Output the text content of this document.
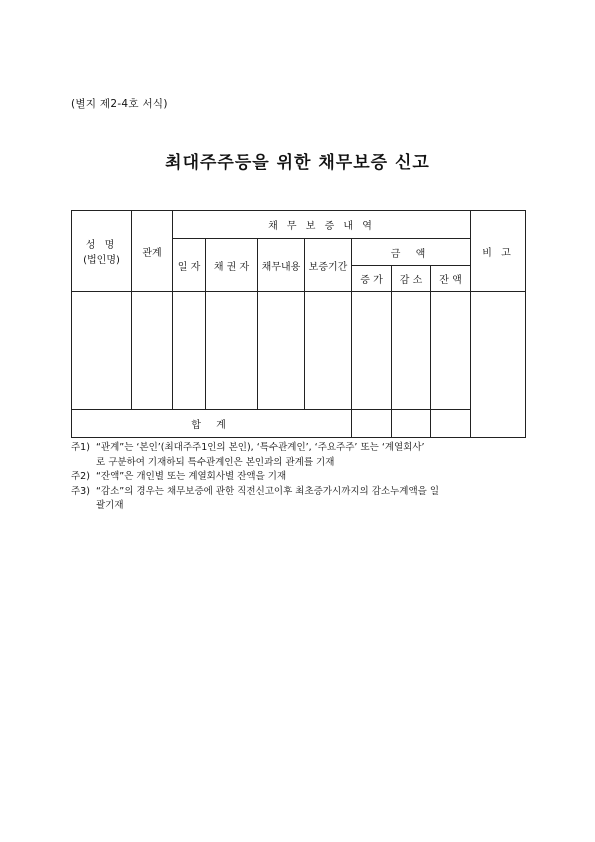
(별지 제2-4호 서식)
최대주주등을 위한 채무보증 신고
성 명
(법인명)	관계	채 무 보 증 내 역							비 고
		일 자	채 권 자	채무내용	보증기간	금 액			
						증 가	감 소	잔 액	

합 계									
주1) “관계”는 ‘본인’(최대주주1인의 본인), ‘특수관계인’, ‘주요주주’ 또는 ‘계열회사’
로 구분하여 기재하되 특수관계인은 본인과의 관계를 기재
주2) “잔액”은 개인별 또는 계열회사별 잔액을 기재
주3) “감소”의 경우는 채무보증에 관한 직전신고이후 최초증가시까지의 감소누계액을 일
괄기재
